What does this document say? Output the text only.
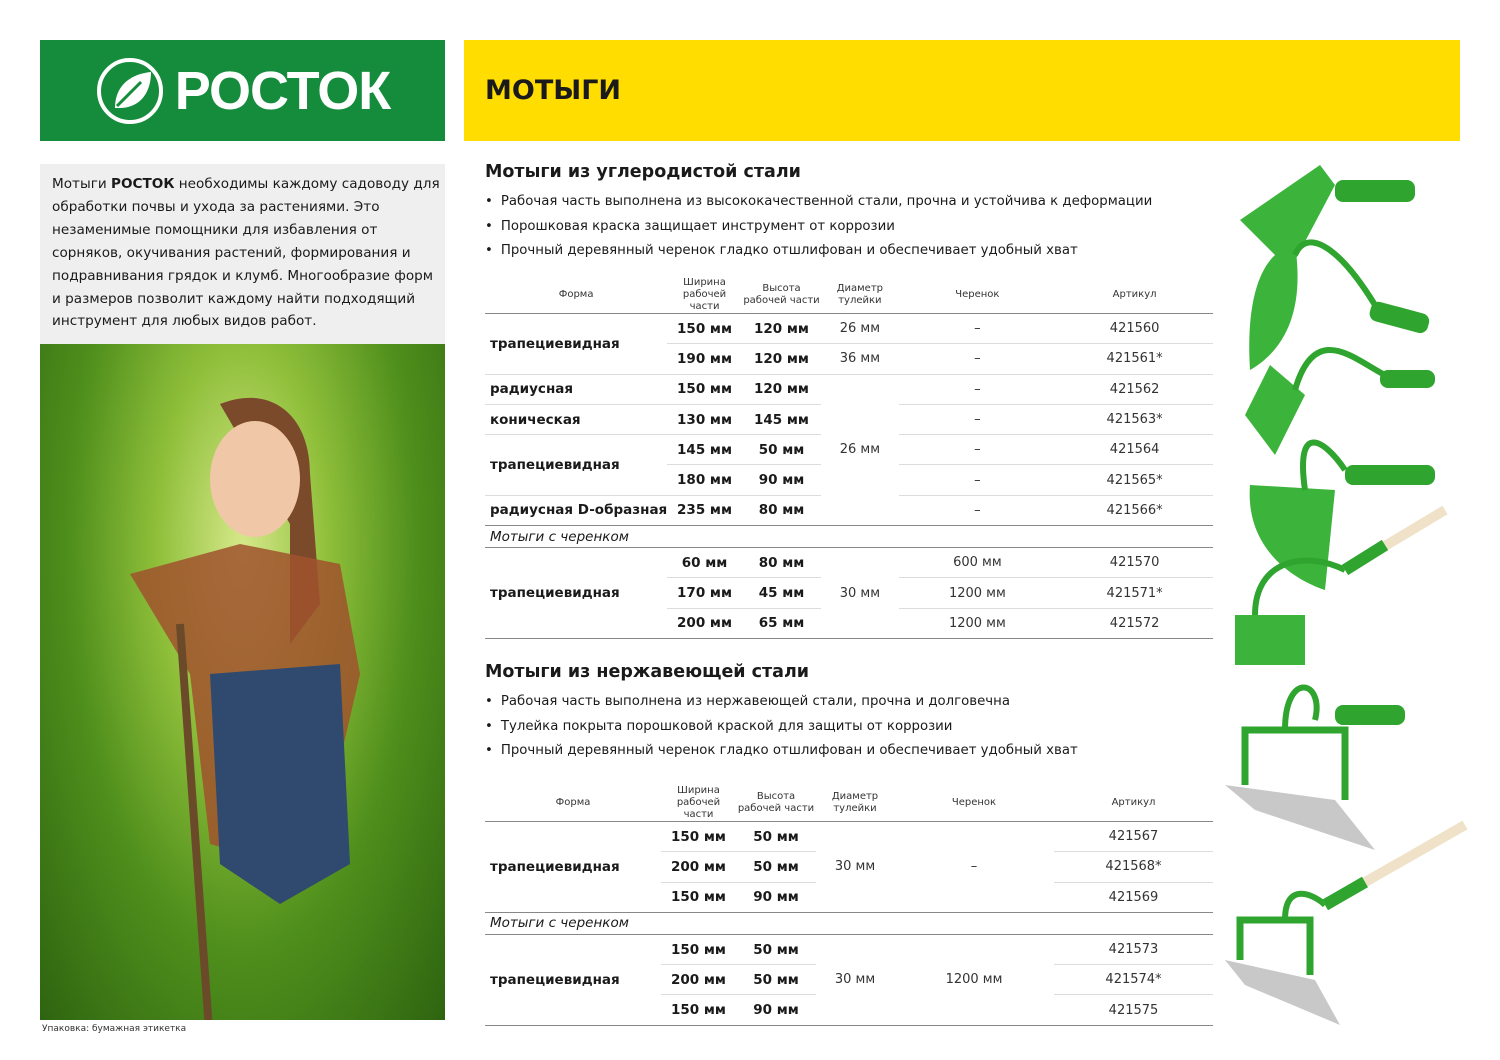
РОСТОК	МОТЫГИ
Мотыги РОСТОК необходимы каждому садоводу для обработки почвы и ухода за растениями. Это незаменимые помощники для избавления от сорняков, окучивания растений, формирования и подравнивания грядок и клумб. Многообразие форм и размеров позволит каждому найти подходящий инструмент для любых видов работ.
Упаковка: бумажная этикетка
Мотыги из углеродистой стали
• Рабочая часть выполнена из высококачественной стали, прочна и устойчива к деформации
• Порошковая краска защищает инструмент от коррозии
• Прочный деревянный черенок гладко отшлифован и обеспечивает удобный хват
Форма	Ширина рабочей части	Высота рабочей части	Диаметр тулейки	Черенок	Артикул
трапециевидная	150 мм	120 мм	26 мм	–	421560
	190 мм	120 мм	36 мм	–	421561*
радиусная	150 мм	120 мм	26 мм	–	421562
коническая	130 мм	145 мм		–	421563*
трапециевидная	145 мм	50 мм		–	421564
	180 мм	90 мм		–	421565*
радиусная D-образная	235 мм	80 мм		–	421566*
Мотыги с черенком					
трапециевидная	60 мм	80 мм	30 мм	600 мм	421570
	170 мм	45 мм		1200 мм	421571*
	200 мм	65 мм		1200 мм	421572
Мотыги из нержавеющей стали
• Рабочая часть выполнена из нержавеющей стали, прочна и долговечна
• Тулейка покрыта порошковой краской для защиты от коррозии
• Прочный деревянный черенок гладко отшлифован и обеспечивает удобный хват
Форма	Ширина рабочей части	Высота рабочей части	Диаметр тулейки	Черенок	Артикул
трапециевидная	150 мм	50 мм	30 мм	–	421567
	200 мм	50 мм			421568*
	150 мм	90 мм			421569
Мотыги с черенком					
трапециевидная	150 мм	50 мм	30 мм	1200 мм	421573
	200 мм	50 мм			421574*
	150 мм	90 мм			421575
